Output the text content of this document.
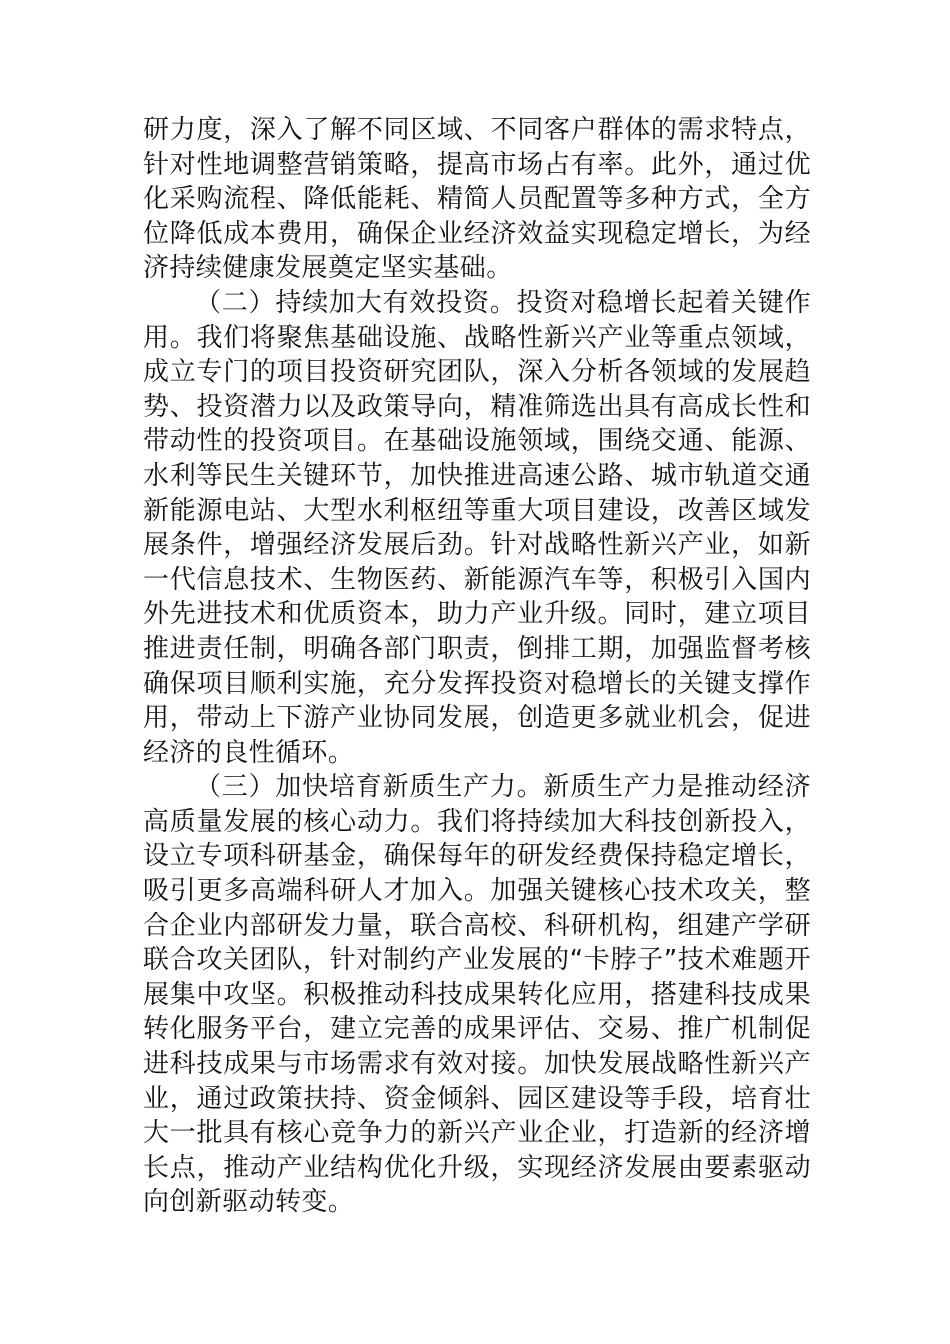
研力度，深入了解不同区域、不同客户群体的需求特点，针对性地调整营销策略，提高市场占有率。此外，通过优化采购流程、降低能耗、精简人员配置等多种方式，全方位降低成本费用，确保企业经济效益实现稳定增长，为经济持续健康发展奠定坚实基础。

（二）持续加大有效投资。投资对稳增长起着关键作用。我们将聚焦基础设施、战略性新兴产业等重点领域，成立专门的项目投资研究团队，深入分析各领域的发展趋势、投资潜力以及政策导向，精准筛选出具有高成长性和带动性的投资项目。在基础设施领域，围绕交通、能源、水利等民生关键环节，加快推进高速公路、城市轨道交通新能源电站、大型水利枢纽等重大项目建设，改善区域发展条件，增强经济发展后劲。针对战略性新兴产业，如新一代信息技术、生物医药、新能源汽车等，积极引入国内外先进技术和优质资本，助力产业升级。同时，建立项目推进责任制，明确各部门职责，倒排工期，加强监督考核确保项目顺利实施，充分发挥投资对稳增长的关键支撑作用，带动上下游产业协同发展，创造更多就业机会，促进经济的良性循环。

（三）加快培育新质生产力。新质生产力是推动经济高质量发展的核心动力。我们将持续加大科技创新投入，设立专项科研基金，确保每年的研发经费保持稳定增长，吸引更多高端科研人才加入。加强关键核心技术攻关，整合企业内部研发力量，联合高校、科研机构，组建产学研联合攻关团队，针对制约产业发展的“卡脖子”技术难题开展集中攻坚。积极推动科技成果转化应用，搭建科技成果转化服务平台，建立完善的成果评估、交易、推广机制促进科技成果与市场需求有效对接。加快发展战略性新兴产业，通过政策扶持、资金倾斜、园区建设等手段，培育壮大一批具有核心竞争力的新兴产业企业，打造新的经济增长点，推动产业结构优化升级，实现经济发展由要素驱动向创新驱动转变。
